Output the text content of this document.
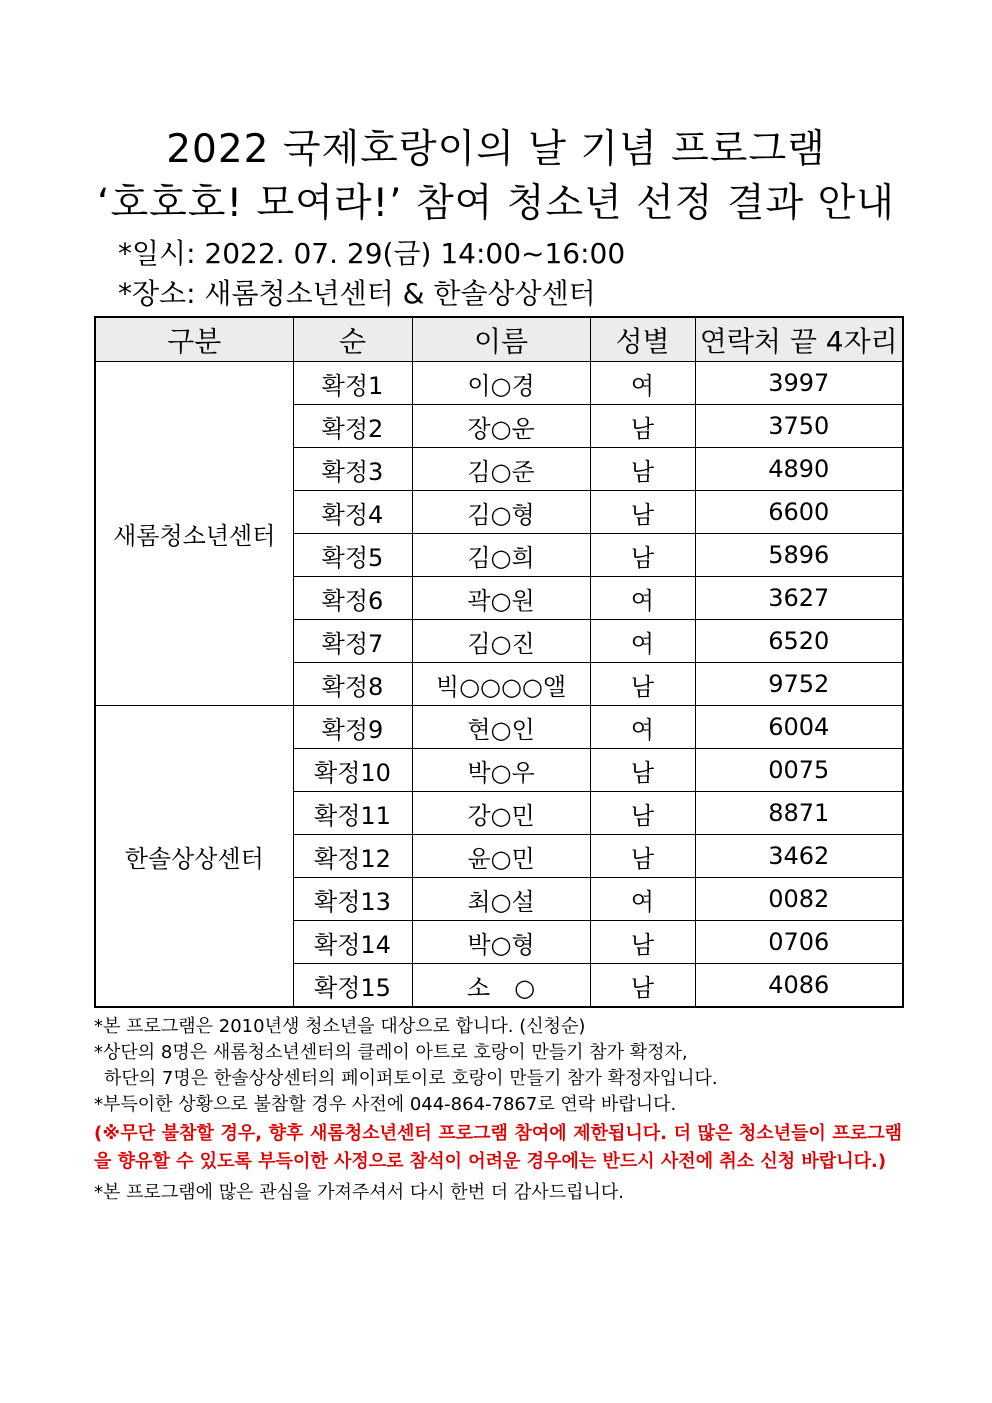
2022 국제호랑이의 날 기념 프로그램
‘호호호! 모여라!’ 참여 청소년 선정 결과 안내
*일시: 2022. 07. 29(금) 14:00~16:00
*장소: 새롬청소년센터 & 한솔상상센터
구분	순	이름	성별	연락처 끝 4자리
새롬청소년센터	확정1	이○경	여	3997
	확정2	장○운	남	3750
	확정3	김○준	남	4890
	확정4	김○형	남	6600
	확정5	김○희	남	5896
	확정6	곽○원	여	3627
	확정7	김○진	여	6520
	확정8	빅○○○○앨	남	9752
한솔상상센터	확정9	현○인	여	6004
	확정10	박○우	남	0075
	확정11	강○민	남	8871
	확정12	윤○민	남	3462
	확정13	최○설	여	0082
	확정14	박○형	남	0706
	확정15	소　○	남	4086

*본 프로그램은 2010년생 청소년을 대상으로 합니다. (신청순)

*상단의 8명은 새롬청소년센터의 클레이 아트로 호랑이 만들기 참가 확정자,

하단의 7명은 한솔상상센터의 페이퍼토이로 호랑이 만들기 참가 확정자입니다.

*부득이한 상황으로 불참할 경우 사전에 044-864-7867로 연락 바랍니다.

(※무단 불참할 경우, 향후 새롬청소년센터 프로그램 참여에 제한됩니다. 더 많은 청소년들이 프로그램을 향유할 수 있도록 부득이한 사정으로 참석이 어려운 경우에는 반드시 사전에 취소 신청 바랍니다.)

*본 프로그램에 많은 관심을 가져주셔서 다시 한번 더 감사드립니다.
